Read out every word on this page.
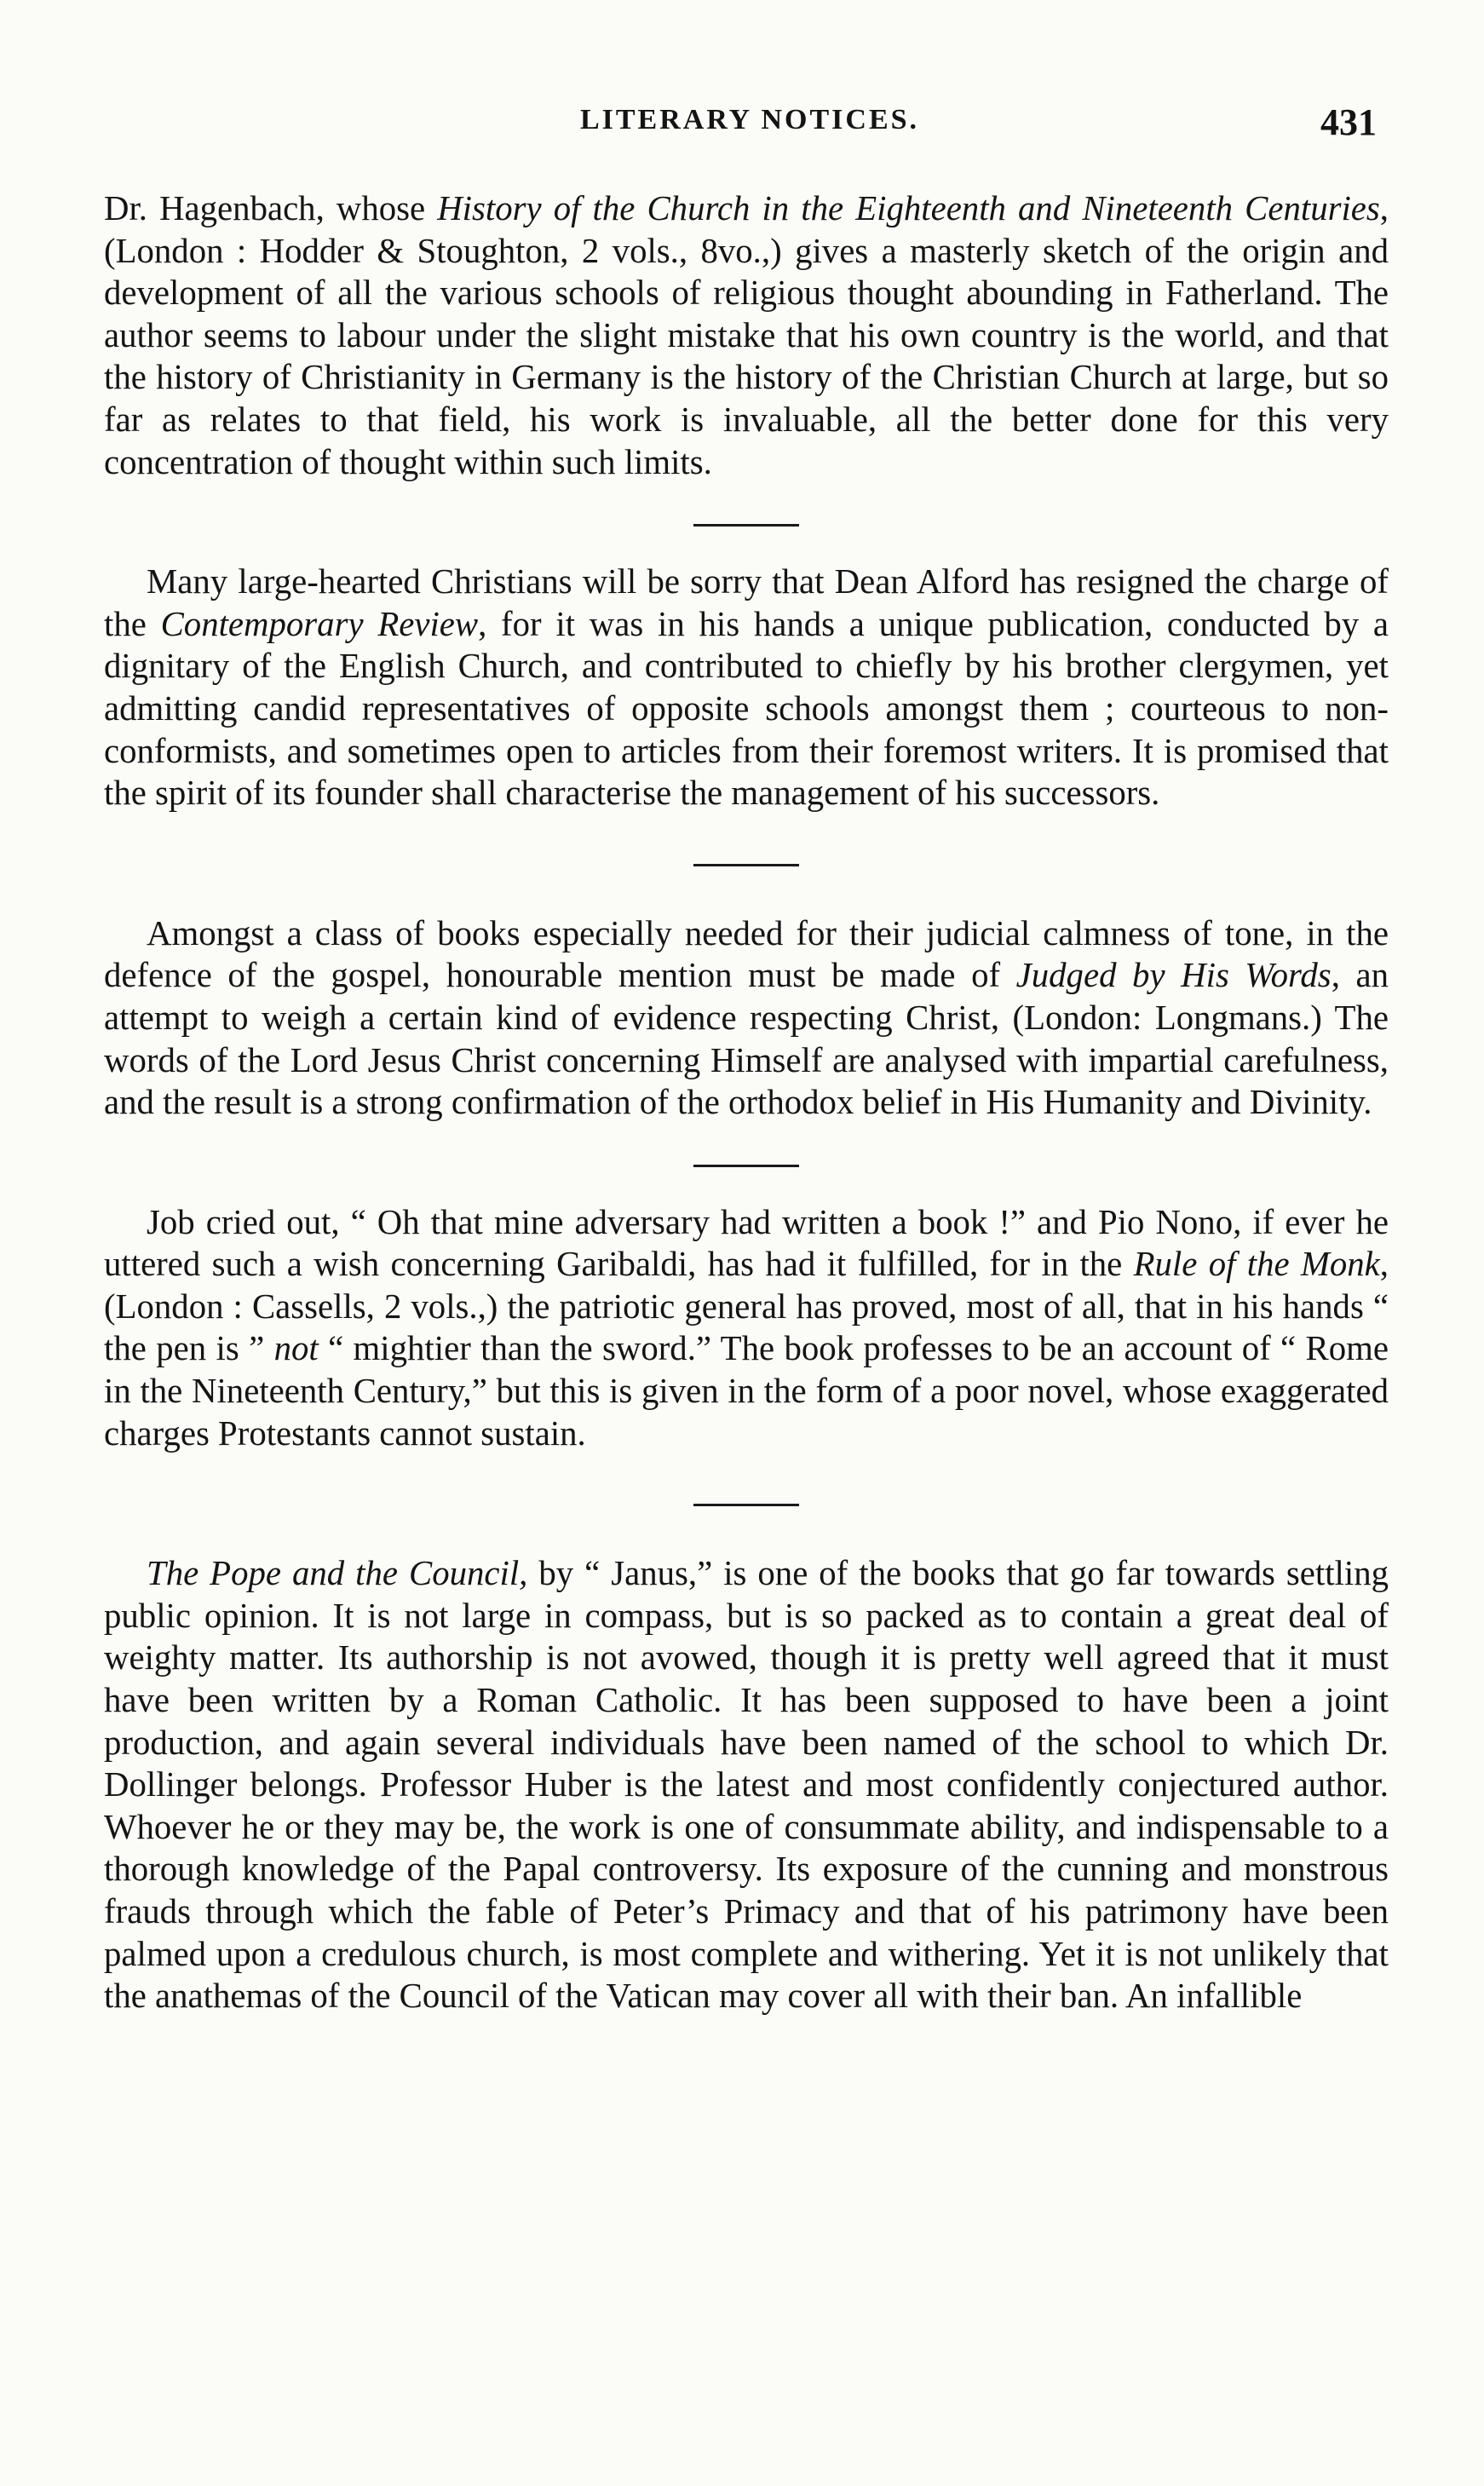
LITERARY NOTICES.	431

Dr. Hagenbach, whose History of the Church in the Eighteenth and Nineteenth Centuries, (London : Hodder & Stoughton, 2 vols., 8vo.,) gives a masterly sketch of the origin and development of all the various schools of religious thought abounding in Fatherland. The author seems to labour under the slight mistake that his own country is the world, and that the history of Christianity in Germany is the history of the Christian Church at large, but so far as relates to that field, his work is invaluable, all the better done for this very concentration of thought within such limits.

Many large-hearted Christians will be sorry that Dean Alford has resigned the charge of the Contemporary Review, for it was in his hands a unique publication, conducted by a dignitary of the English Church, and contributed to chiefly by his brother clergymen, yet admitting candid representatives of opposite schools amongst them ; courteous to non-conformists, and sometimes open to articles from their foremost writers. It is promised that the spirit of its founder shall characterise the management of his successors.

Amongst a class of books especially needed for their judicial calmness of tone, in the defence of the gospel, honourable mention must be made of Judged by His Words, an attempt to weigh a certain kind of evidence respecting Christ, (London: Longmans.) The words of the Lord Jesus Christ concerning Himself are analysed with impartial carefulness, and the result is a strong confirmation of the orthodox belief in His Humanity and Divinity.

Job cried out, “ Oh that mine adversary had written a book !” and Pio Nono, if ever he uttered such a wish concerning Garibaldi, has had it fulfilled, for in the Rule of the Monk, (London : Cassells, 2 vols.,) the patriotic general has proved, most of all, that in his hands “ the pen is ” not “ mightier than the sword.” The book professes to be an account of “ Rome in the Nineteenth Century,” but this is given in the form of a poor novel, whose exaggerated charges Protestants cannot sustain.

The Pope and the Council, by “ Janus,” is one of the books that go far towards settling public opinion. It is not large in compass, but is so packed as to contain a great deal of weighty matter. Its authorship is not avowed, though it is pretty well agreed that it must have been written by a Roman Catholic. It has been supposed to have been a joint production, and again several individuals have been named of the school to which Dr. Dollinger belongs. Professor Huber is the latest and most confidently conjectured author. Whoever he or they may be, the work is one of consummate ability, and indispensable to a thorough knowledge of the Papal controversy. Its exposure of the cunning and monstrous frauds through which the fable of Peter’s Primacy and that of his patrimony have been palmed upon a credulous church, is most complete and withering. Yet it is not unlikely that the anathemas of the Council of the Vatican may cover all with their ban. An infallible
